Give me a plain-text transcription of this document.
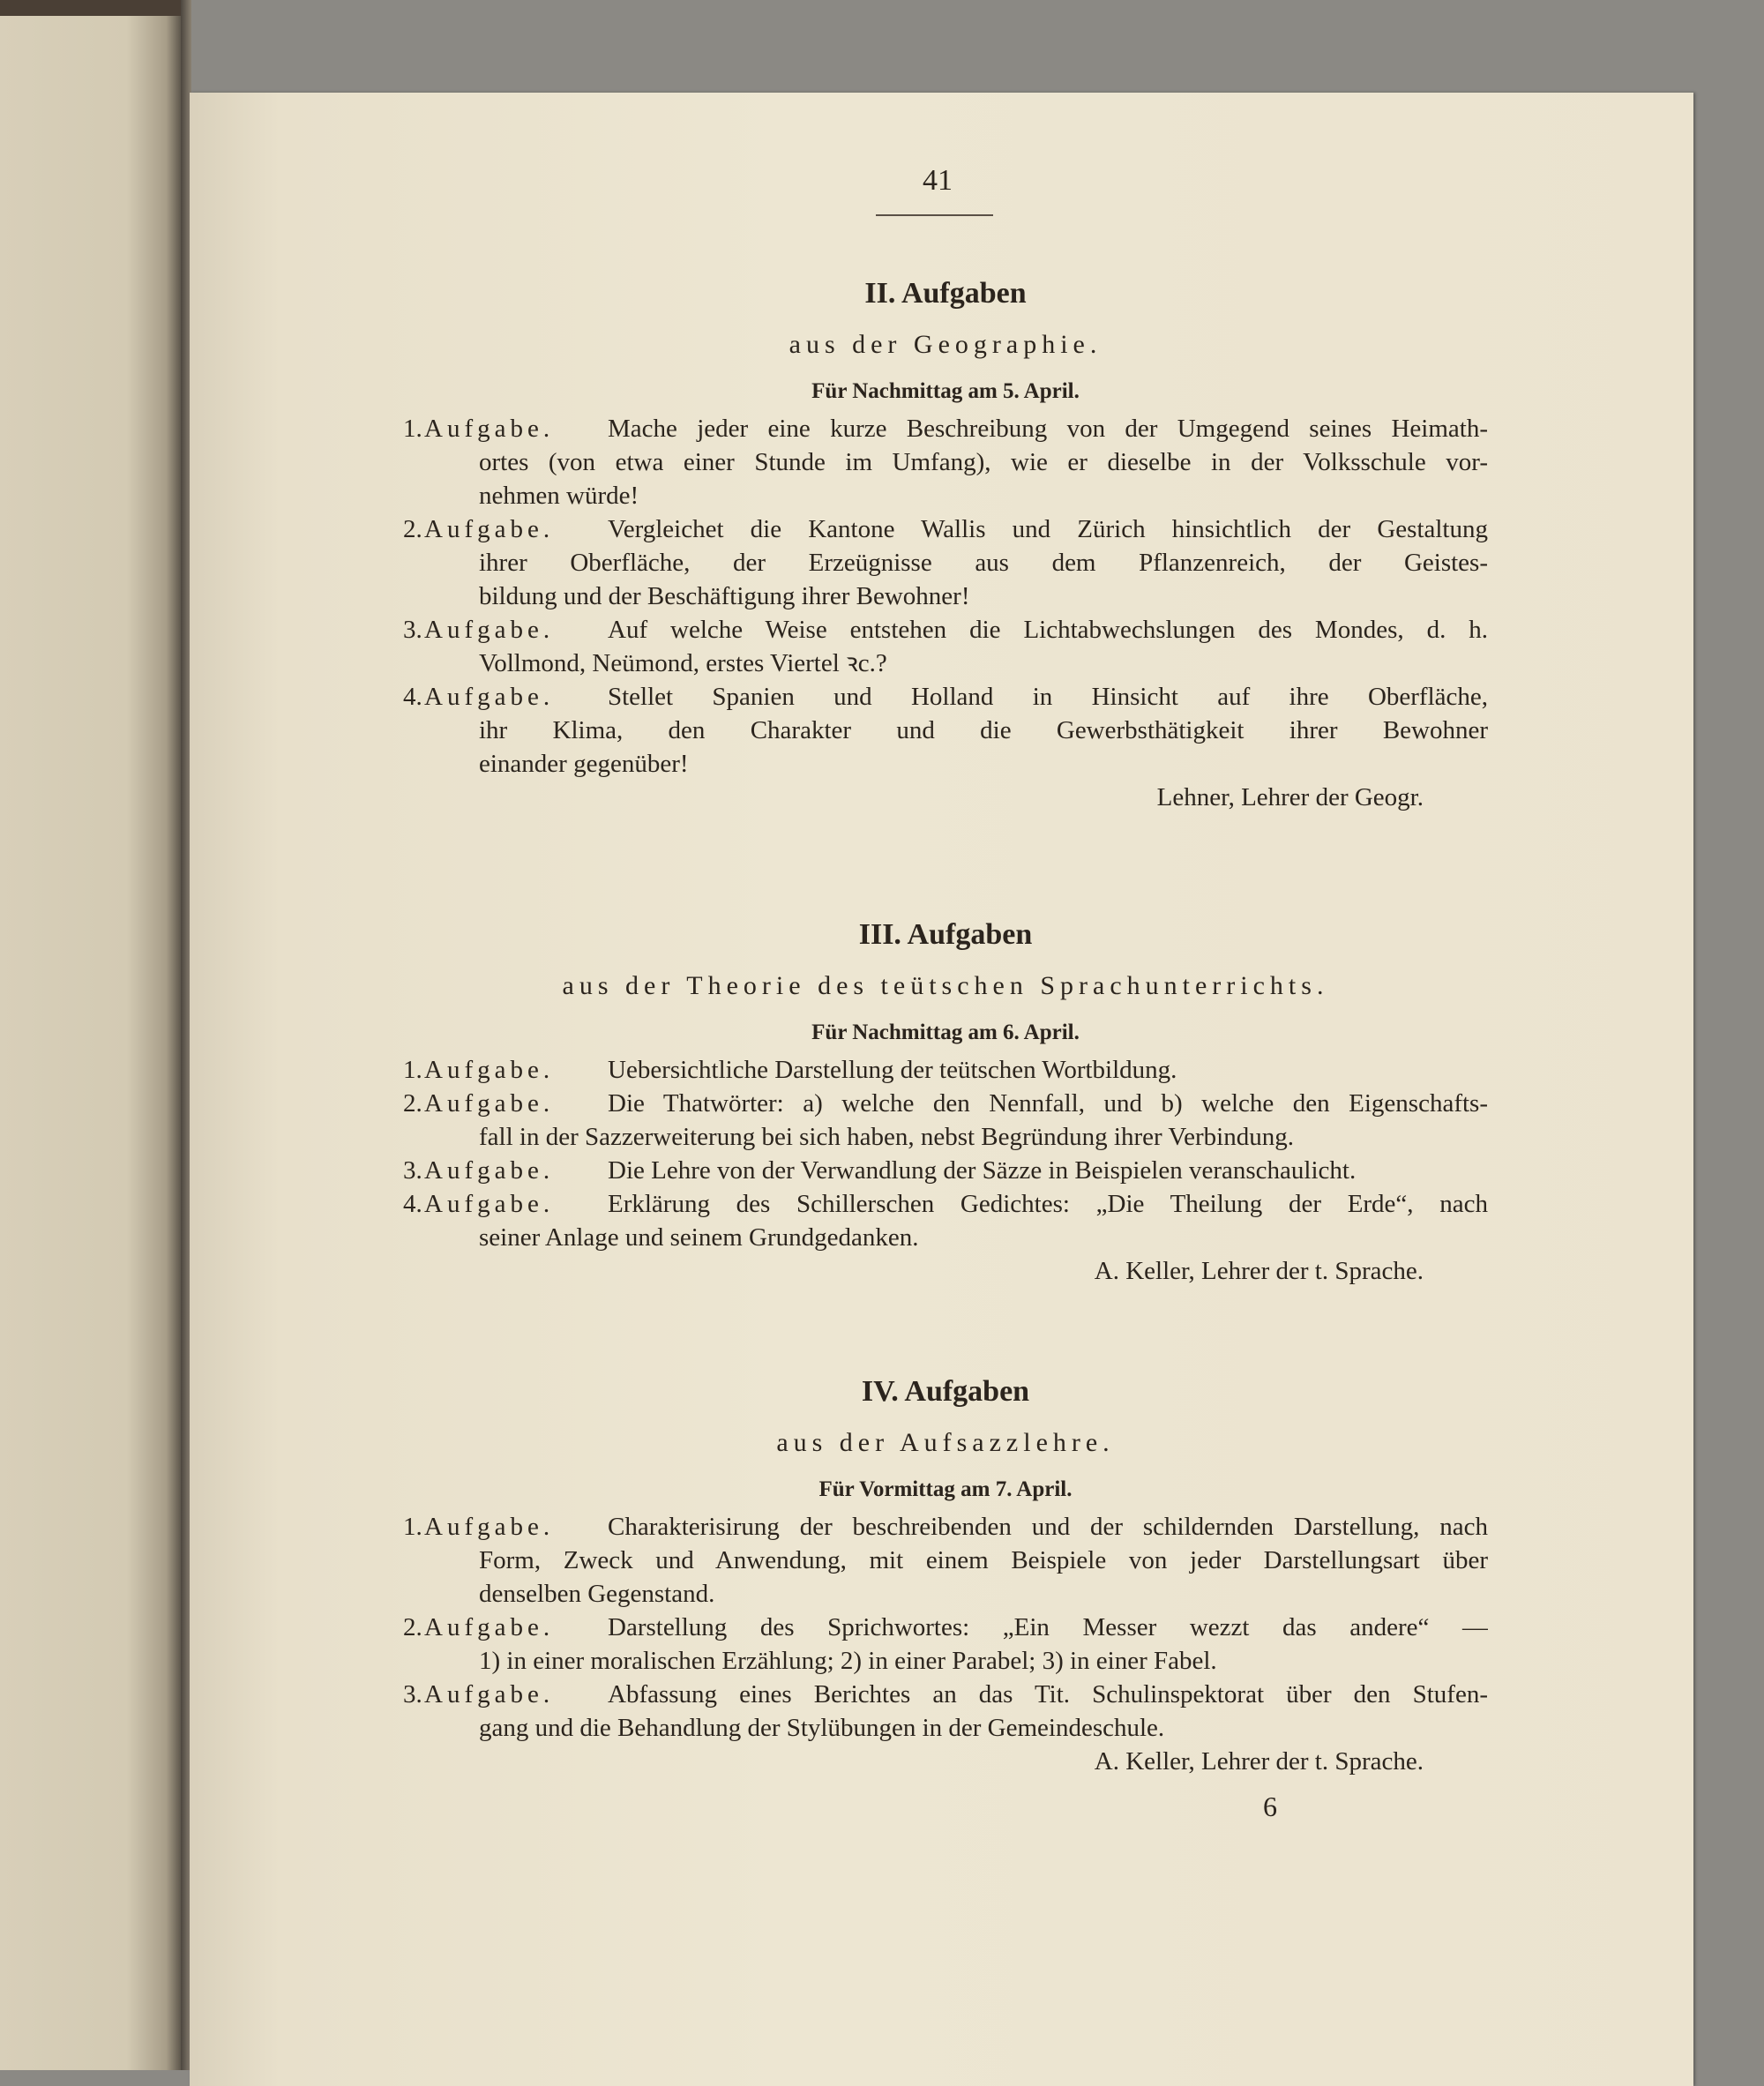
41
II. Aufgaben
aus der Geographie.
Für Nachmittag am 5. April.
1. Aufgabe. Mache jeder eine kurze Beschreibung von der Umgegend seines Heimath-
ortes (von etwa einer Stunde im Umfang), wie er dieselbe in der Volksschule vor-
nehmen würde!
2. Aufgabe. Vergleichet die Kantone Wallis und Zürich hinsichtlich der Gestaltung
ihrer Oberfläche, der Erzeügnisse aus dem Pflanzenreich, der Geistes-
bildung und der Beschäftigung ihrer Bewohner!
3. Aufgabe. Auf welche Weise entstehen die Lichtabwechslungen des Mondes, d. h.
Vollmond, Neümond, erstes Viertel ꝛc.?
4. Aufgabe. Stellet Spanien und Holland in Hinsicht auf ihre Oberfläche,
ihr Klima, den Charakter und die Gewerbsthätigkeit ihrer Bewohner
einander gegenüber!
Lehner, Lehrer der Geogr.
III. Aufgaben
aus der Theorie des teütschen Sprachunterrichts.
Für Nachmittag am 6. April.
1. Aufgabe. Uebersichtliche Darstellung der teütschen Wortbildung.
2. Aufgabe. Die Thatwörter: a) welche den Nennfall, und b) welche den Eigenschafts-
fall in der Sazzerweiterung bei sich haben, nebst Begründung ihrer Verbindung.
3. Aufgabe. Die Lehre von der Verwandlung der Säzze in Beispielen veranschaulicht.
4. Aufgabe. Erklärung des Schillerschen Gedichtes: „Die Theilung der Erde“, nach
seiner Anlage und seinem Grundgedanken.
A. Keller, Lehrer der t. Sprache.
IV. Aufgaben
aus der Aufsazzlehre.
Für Vormittag am 7. April.
1. Aufgabe. Charakterisirung der beschreibenden und der schildernden Darstellung, nach
Form, Zweck und Anwendung, mit einem Beispiele von jeder Darstellungsart über
denselben Gegenstand.
2. Aufgabe. Darstellung des Sprichwortes: „Ein Messer wezzt das andere“ —
1) in einer moralischen Erzählung; 2) in einer Parabel; 3) in einer Fabel.
3. Aufgabe. Abfassung eines Berichtes an das Tit. Schulinspektorat über den Stufen-
gang und die Behandlung der Stylübungen in der Gemeindeschule.
A. Keller, Lehrer der t. Sprache.
6
